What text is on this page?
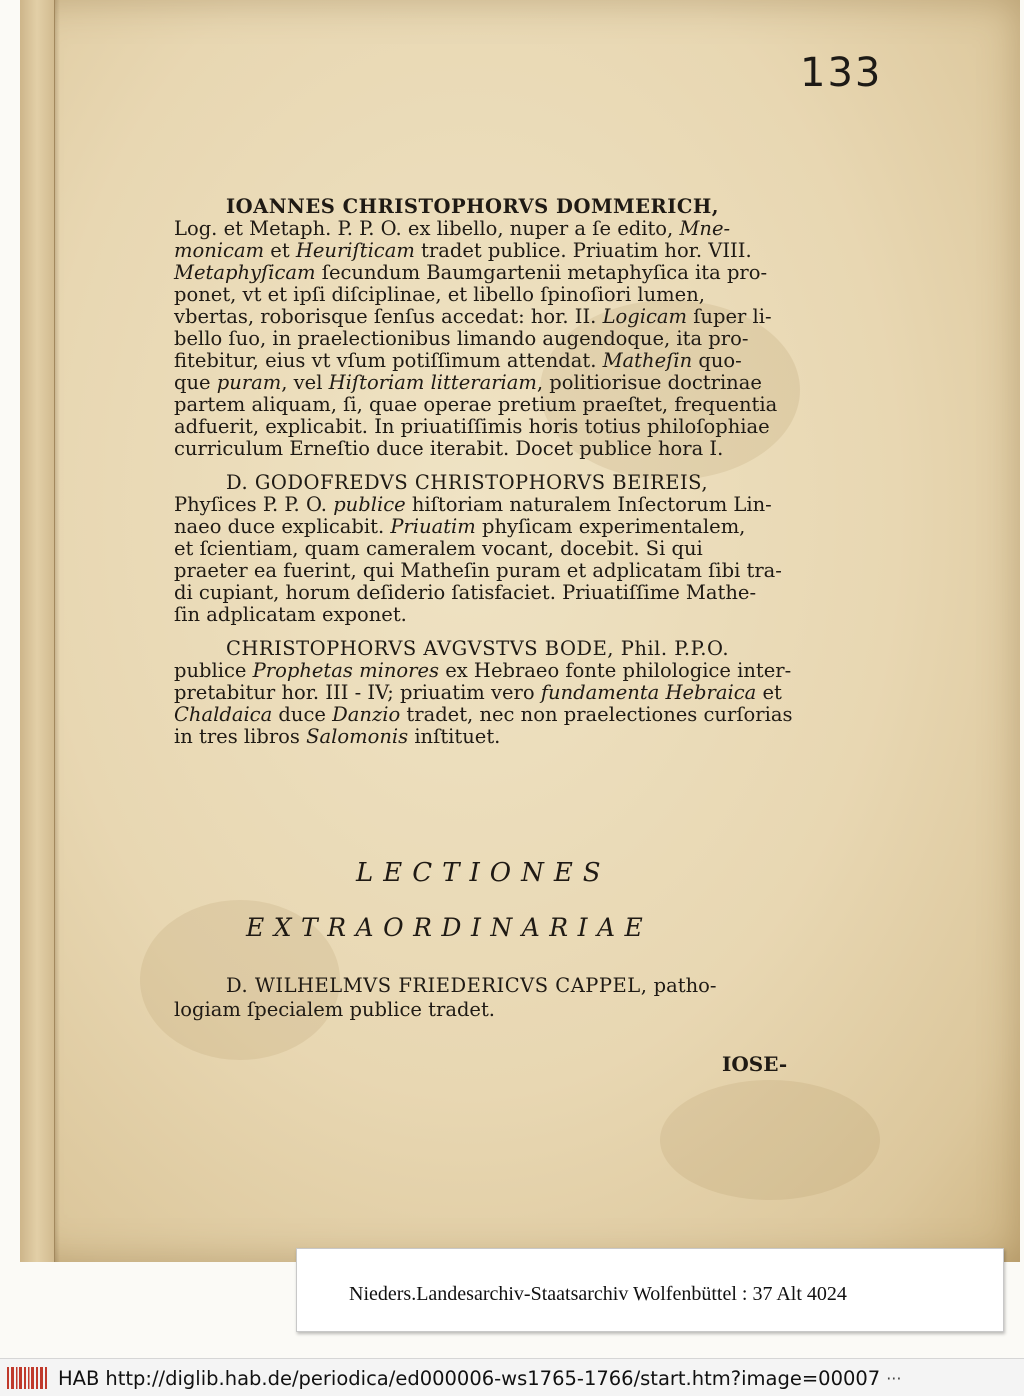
133

IOANNES CHRISTOPHORVS DOMMERICH,
Log. et Metaph. P. P. O. ex libello, nuper a ſe edito, Mne-
monicam et Heuriſticam tradet publice. Priuatim hor. VIII.
Metaphyſicam ſecundum Baumgartenii metaphyſica ita pro-
ponet, vt et ipſi diſciplinae, et libello ſpinoſiori lumen,
vbertas, roborisque ſenſus accedat: hor. II. Logicam ſuper li-
bello ſuo, in praelectionibus limando augendoque, ita pro-
fitebitur, eius vt vſum potiſſimum attendat. Matheſin quo-
que puram, vel Hiſtoriam litterariam, politiorisue doctrinae
partem aliquam, ſi, quae operae pretium praeſtet, frequentia
adfuerit, explicabit. In priuatiſſimis horis totius philoſophiae
curriculum Erneſtio duce iterabit. Docet publice hora I.

D. GODOFREDVS CHRISTOPHORVS BEIREIS,
Phyſices P. P. O. publice hiſtoriam naturalem Inſectorum Lin-
naeo duce explicabit. Priuatim phyſicam experimentalem,
et ſcientiam, quam cameralem vocant, docebit. Si qui
praeter ea fuerint, qui Matheſin puram et adplicatam ſibi tra-
di cupiant, horum deſiderio ſatisfaciet. Priuatiſſime Mathe-
ſin adplicatam exponet.

CHRISTOPHORVS AVGVSTVS BODE, Phil. P.P.O.
publice Prophetas minores ex Hebraeo fonte philologice inter-
pretabitur hor. III - IV; priuatim vero fundamenta Hebraica et
Chaldaica duce Danzio tradet, nec non praelectiones curſorias
in tres libros Salomonis inſtituet.

LECTIONES
EXTRAORDINARIAE
D. WILHELMVS FRIEDERICVS CAPPEL, patho-
logiam ſpecialem publice tradet.
IOSE-
Nieders.Landesarchiv-Staatsarchiv Wolfenbüttel : 37 Alt 4024
HAB http://diglib.hab.de/periodica/ed000006-ws1765-1766/start.htm?image=00007 ···
